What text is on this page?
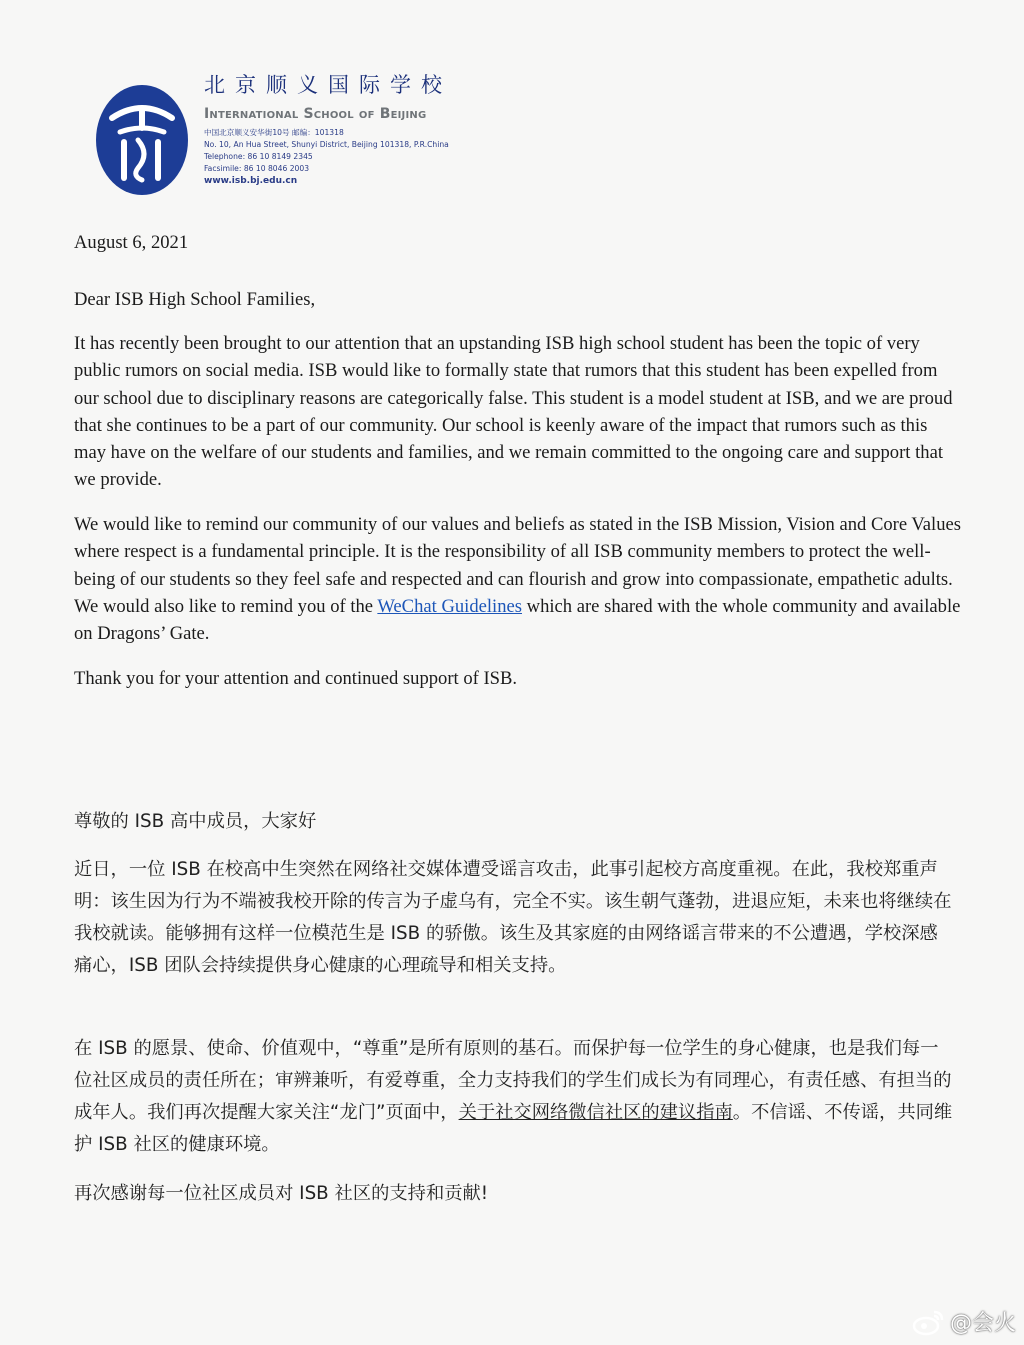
北京顺义国际学校
International School of Beijing
中国北京顺义安华街10号 邮编：101318
No. 10, An Hua Street, Shunyi District, Beijing 101318, P.R.China
Telephone: 86 10 8149 2345
Facsimile: 86 10 8046 2003
www.isb.bj.edu.cn
August 6, 2021
Dear ISB High School Families,
It has recently been brought to our attention that an upstanding ISB high school student has been the topic of very public rumors on social media. ISB would like to formally state that rumors that this student has been expelled from our school due to disciplinary reasons are categorically false. This student is a model student at ISB, and we are proud that she continues to be a part of our community. Our school is keenly aware of the impact that rumors such as this may have on the welfare of our students and families, and we remain committed to the ongoing care and support that we provide.
We would like to remind our community of our values and beliefs as stated in the ISB Mission, Vision and Core Values where respect is a fundamental principle. It is the responsibility of all ISB community members to protect the well-being of our students so they feel safe and respected and can flourish and grow into compassionate, empathetic adults. We would also like to remind you of the WeChat Guidelines which are shared with the whole community and available on Dragons’ Gate.
Thank you for your attention and continued support of ISB.
尊敬的 ISB 高中成员，大家好
近日，一位 ISB 在校高中生突然在网络社交媒体遭受谣言攻击，此事引起校方高度重视。在此，我校郑重声明：该生因为行为不端被我校开除的传言为子虚乌有，完全不实。该生朝气蓬勃，进退应矩，未来也将继续在我校就读。能够拥有这样一位模范生是 ISB 的骄傲。该生及其家庭的由网络谣言带来的不公遭遇，学校深感痛心，ISB 团队会持续提供身心健康的心理疏导和相关支持。
在 ISB 的愿景、使命、价值观中，“尊重”是所有原则的基石。而保护每一位学生的身心健康，也是我们每一位社区成员的责任所在；审辨兼听，有爱尊重，全力支持我们的学生们成长为有同理心，有责任感、有担当的成年人。我们再次提醒大家关注“龙门”页面中，关于社交网络微信社区的建议指南。不信谣、不传谣，共同维护 ISB 社区的健康环境。
再次感谢每一位社区成员对 ISB 社区的支持和贡献!
@会火
